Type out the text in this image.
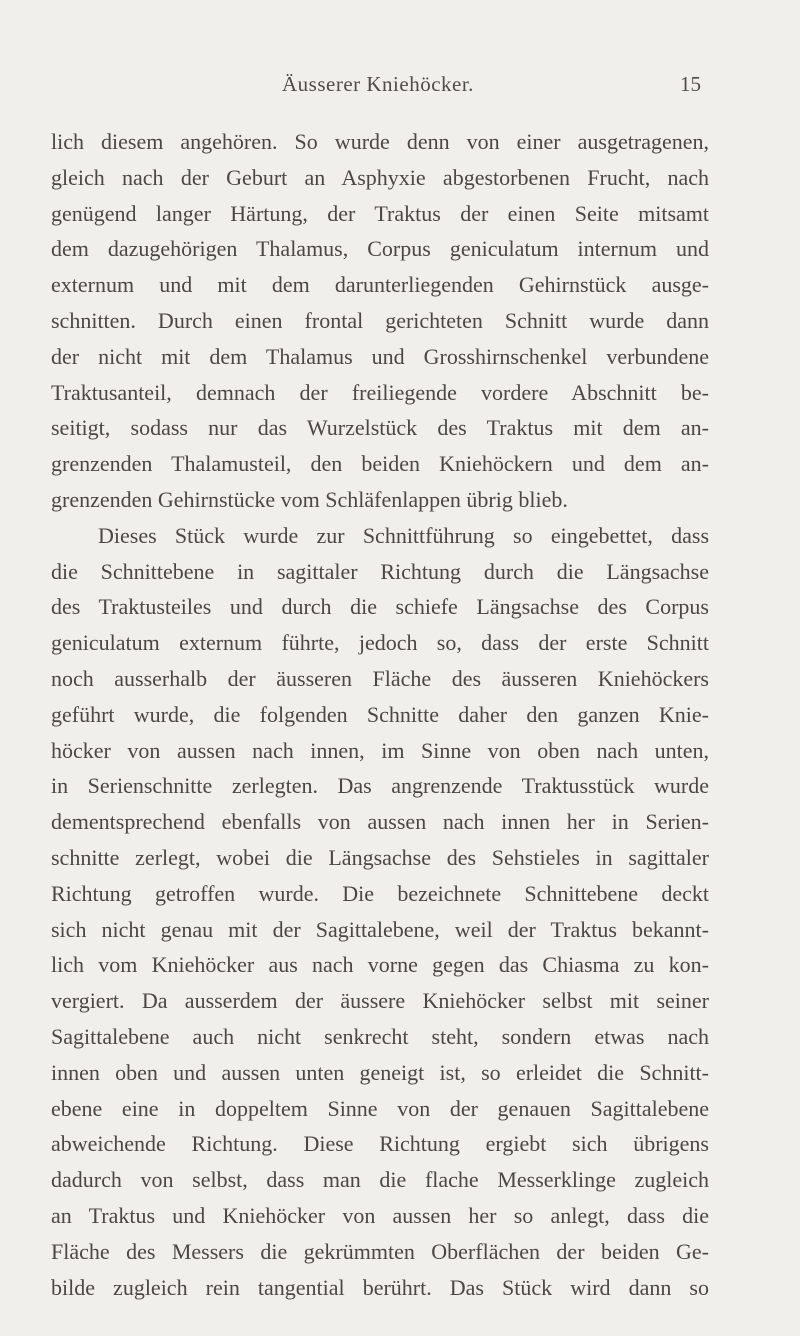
Äusserer Kniehöcker.	15
lich diesem angehören. So wurde denn von einer ausgetragenen,
gleich nach der Geburt an Asphyxie abgestorbenen Frucht, nach
genügend langer Härtung, der Traktus der einen Seite mitsamt
dem dazugehörigen Thalamus, Corpus geniculatum internum und
externum und mit dem darunterliegenden Gehirnstück ausge-
schnitten. Durch einen frontal gerichteten Schnitt wurde dann
der nicht mit dem Thalamus und Grosshirnschenkel verbundene
Traktusanteil, demnach der freiliegende vordere Abschnitt be-
seitigt, sodass nur das Wurzelstück des Traktus mit dem an-
grenzenden Thalamusteil, den beiden Kniehöckern und dem an-
grenzenden Gehirnstücke vom Schläfenlappen übrig blieb.
Dieses Stück wurde zur Schnittführung so eingebettet, dass
die Schnittebene in sagittaler Richtung durch die Längsachse
des Traktusteiles und durch die schiefe Längsachse des Corpus
geniculatum externum führte, jedoch so, dass der erste Schnitt
noch ausserhalb der äusseren Fläche des äusseren Kniehöckers
geführt wurde, die folgenden Schnitte daher den ganzen Knie-
höcker von aussen nach innen, im Sinne von oben nach unten,
in Serienschnitte zerlegten. Das angrenzende Traktusstück wurde
dementsprechend ebenfalls von aussen nach innen her in Serien-
schnitte zerlegt, wobei die Längsachse des Sehstieles in sagittaler
Richtung getroffen wurde. Die bezeichnete Schnittebene deckt
sich nicht genau mit der Sagittalebene, weil der Traktus bekannt-
lich vom Kniehöcker aus nach vorne gegen das Chiasma zu kon-
vergiert. Da ausserdem der äussere Kniehöcker selbst mit seiner
Sagittalebene auch nicht senkrecht steht, sondern etwas nach
innen oben und aussen unten geneigt ist, so erleidet die Schnitt-
ebene eine in doppeltem Sinne von der genauen Sagittalebene
abweichende Richtung. Diese Richtung ergiebt sich übrigens
dadurch von selbst, dass man die flache Messerklinge zugleich
an Traktus und Kniehöcker von aussen her so anlegt, dass die
Fläche des Messers die gekrümmten Oberflächen der beiden Ge-
bilde zugleich rein tangential berührt. Das Stück wird dann so
